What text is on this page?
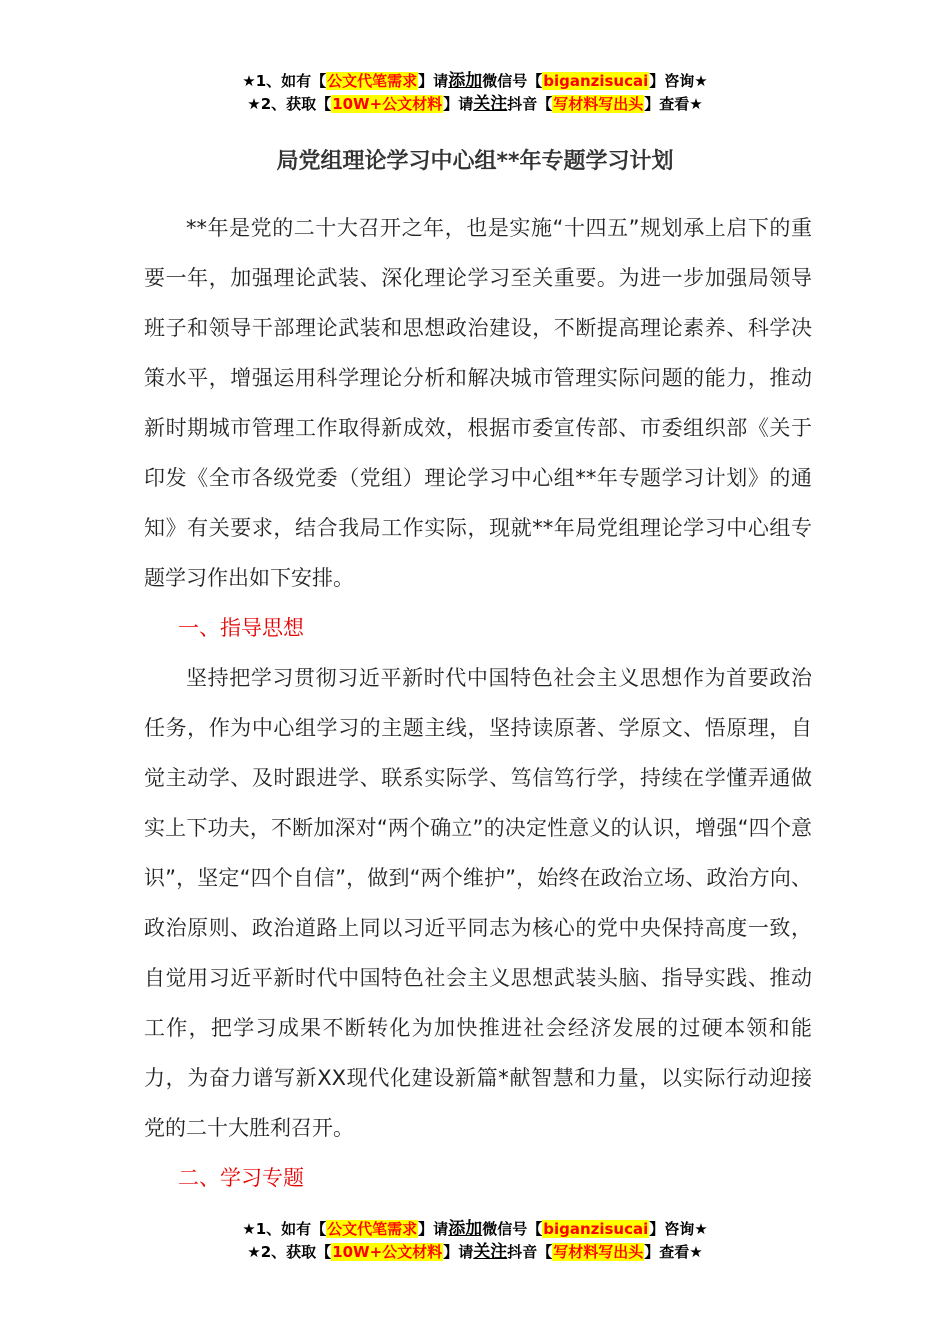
★1、如有【公文代笔需求】请添加微信号【biganzisucai】咨询★
★2、获取【10W+公文材料】请关注抖音【写材料写出头】查看★
局党组理论学习中心组**年专题学习计划

**年是党的二十大召开之年，也是实施“十四五”规划承上启下的重要一年，加强理论武装、深化理论学习至关重要。为进一步加强局领导班子和领导干部理论武装和思想政治建设，不断提高理论素养、科学决策水平，增强运用科学理论分析和解决城市管理实际问题的能力，推动新时期城市管理工作取得新成效，根据市委宣传部、市委组织部《关于印发《全市各级党委（党组）理论学习中心组**年专题学习计划》的通知》有关要求，结合我局工作实际，现就**年局党组理论学习中心组专题学习作出如下安排。

一、指导思想

坚持把学习贯彻习近平新时代中国特色社会主义思想作为首要政治任务，作为中心组学习的主题主线，坚持读原著、学原文、悟原理，自觉主动学、及时跟进学、联系实际学、笃信笃行学，持续在学懂弄通做实上下功夫，不断加深对“两个确立”的决定性意义的认识，增强“四个意识”，坚定“四个自信”，做到“两个维护”，始终在政治立场、政治方向、政治原则、政治道路上同以习近平同志为核心的党中央保持高度一致，自觉用习近平新时代中国特色社会主义思想武装头脑、指导实践、推动工作，把学习成果不断转化为加快推进社会经济发展的过硬本领和能力，为奋力谱写新XX现代化建设新篇*献智慧和力量，以实际行动迎接党的二十大胜利召开。

二、学习专题
★1、如有【公文代笔需求】请添加微信号【biganzisucai】咨询★
★2、获取【10W+公文材料】请关注抖音【写材料写出头】查看★
